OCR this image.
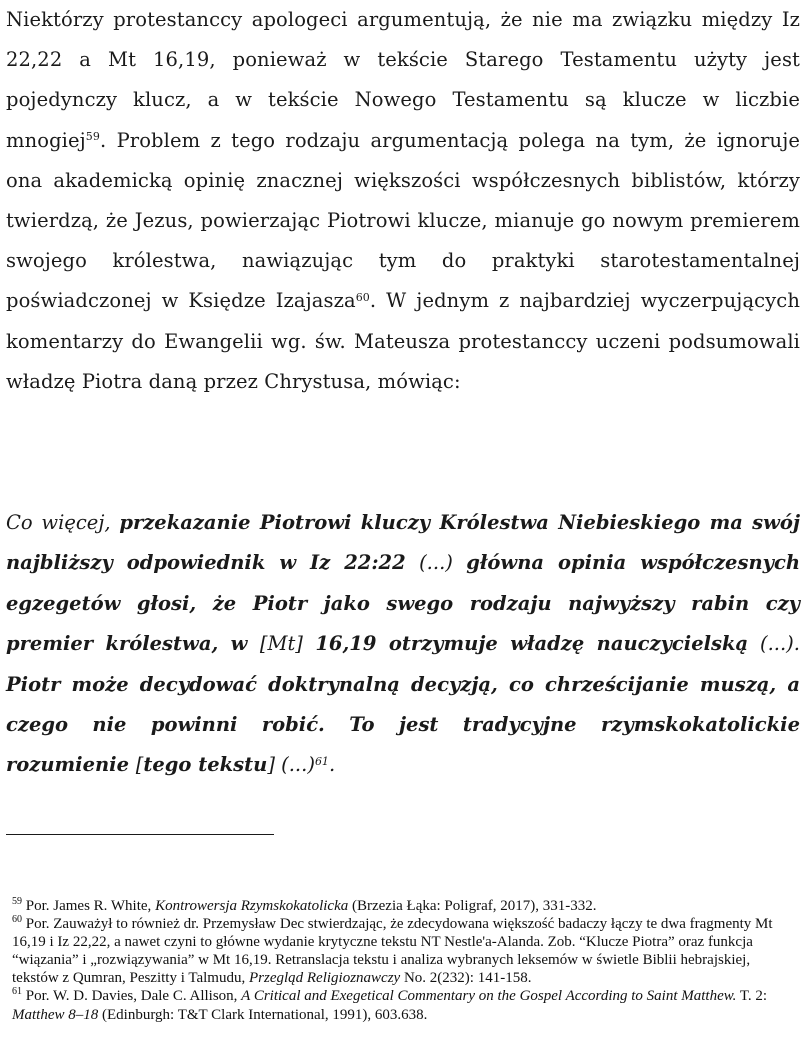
Niektórzy protestanccy apologeci argumentują, że nie ma związku między Iz 22,22 a Mt 16,19, ponieważ w tekście Starego Testamentu użyty jest pojedynczy klucz, a w tekście Nowego Testamentu są klucze w liczbie mnogiej$^{59}$. Problem z tego rodzaju argumentacją polega na tym, że ignoruje ona akademicką opinię znacznej większości współczesnych biblistów, którzy twierdzą, że Jezus, powierzając Piotrowi klucze, mianuje go nowym premierem swojego królestwa, nawiązując tym do praktyki starotestamentalnej poświadczonej w Księdze Izajasza$^{60}$. W jednym z najbardziej wyczerpujących komentarzy do Ewangelii wg. św. Mateusza protestanccy uczeni podsumowali władzę Piotra daną przez Chrystusa, mówiąc:

Co więcej, przekazanie Piotrowi kluczy Królestwa Niebieskiego ma swój najbliższy odpowiednik w Iz 22:22 (...) główna opinia współczesnych egzegetów głosi, że Piotr jako swego rodzaju najwyższy rabin czy premier królestwa, w [Mt] 16,19 otrzymuje władzę nauczycielską (...). Piotr może decydować doktrynalną decyzją, co chrześcijanie muszą, a czego nie powinni robić. To jest tradycyjne rzymskokatolickie rozumienie [tego tekstu] (...)$^{61}$.

$^{59}$ Por. James R. White, Kontrowersja Rzymskokatolicka (Brzezia Łąka: Poligraf, 2017), 331-332.

$^{60}$ Por. Zauważył to również dr. Przemysław Dec stwierdzając, że zdecydowana większość badaczy łączy te dwa fragmenty Mt 16,19 i Iz 22,22, a nawet czyni to główne wydanie krytyczne tekstu NT Nestle'a-Alanda. Zob. “Klucze Piotra” oraz funkcja “wiązania” i „rozwiązywania” w Mt 16,19. Retranslacja tekstu i analiza wybranych leksemów w świetle Biblii hebrajskiej, tekstów z Qumran, Peszitty i Talmudu, Przegląd Religioznawczy No. 2(232): 141-158.

$^{61}$ Por. W. D. Davies, Dale C. Allison, A Critical and Exegetical Commentary on the Gospel According to Saint Matthew. T. 2: Matthew 8–18 (Edinburgh: T&T Clark International, 1991), 603.638.
